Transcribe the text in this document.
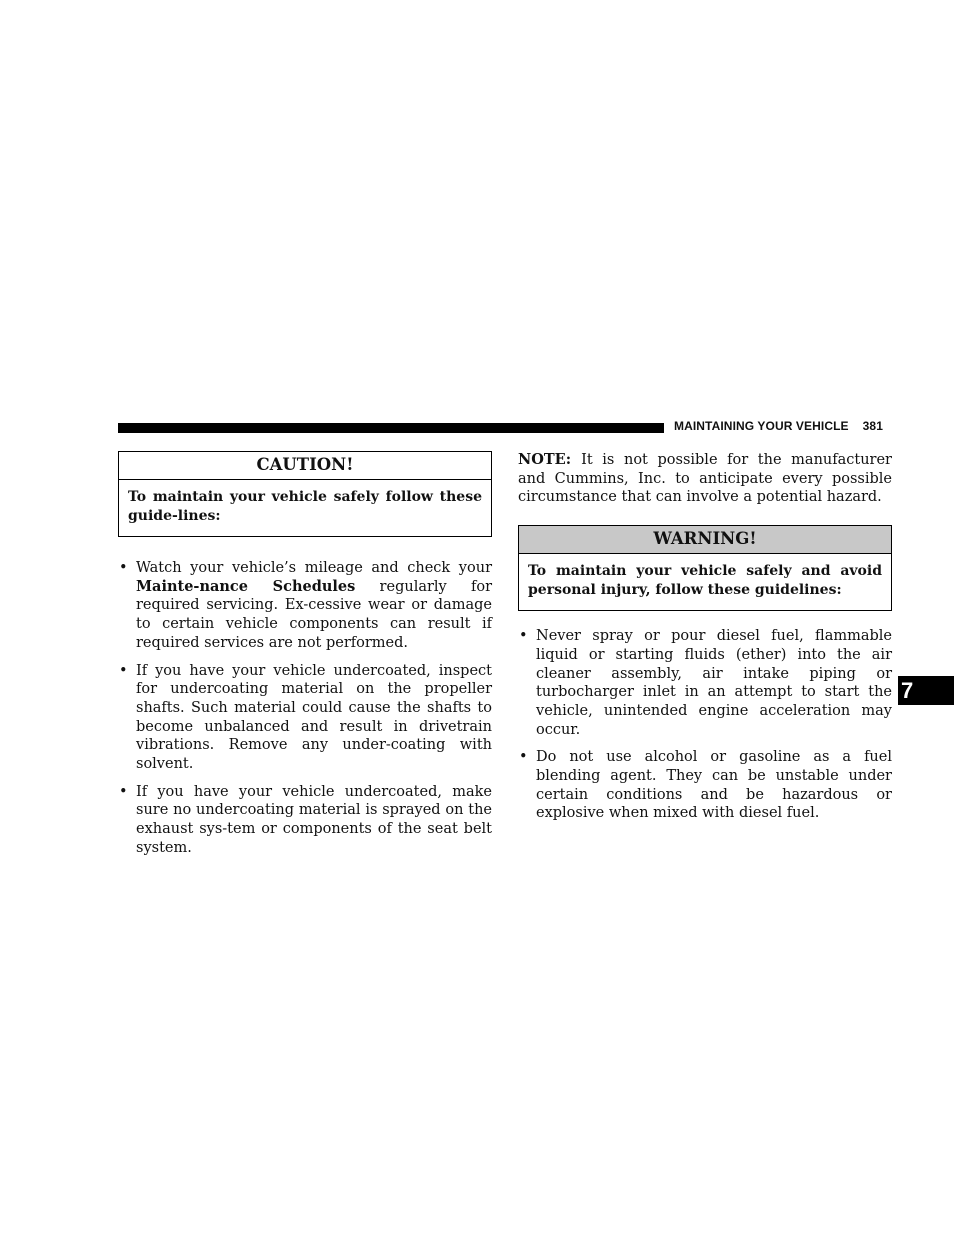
MAINTAINING YOUR VEHICLE 381
CAUTION!
To maintain your vehicle safely follow these guide-lines:
• Watch your vehicle’s mileage and check your Mainte-nance Schedules regularly for required servicing. Ex-cessive wear or damage to certain vehicle components can result if required services are not performed.
• If you have your vehicle undercoated, inspect for undercoating material on the propeller shafts. Such material could cause the shafts to become unbalanced and result in drivetrain vibrations. Remove any under-coating with solvent.
• If you have your vehicle undercoated, make sure no undercoating material is sprayed on the exhaust sys-tem or components of the seat belt system.

NOTE: It is not possible for the manufacturer and Cummins, Inc. to anticipate every possible circumstance that can involve a potential hazard.

WARNING!
To maintain your vehicle safely and avoid personal injury, follow these guidelines:
• Never spray or pour diesel fuel, flammable liquid or starting fluids (ether) into the air cleaner assembly, air intake piping or turbocharger inlet in an attempt to start the vehicle, unintended engine acceleration may occur.
• Do not use alcohol or gasoline as a fuel blending agent. They can be unstable under certain conditions and be hazardous or explosive when mixed with diesel fuel.
7
